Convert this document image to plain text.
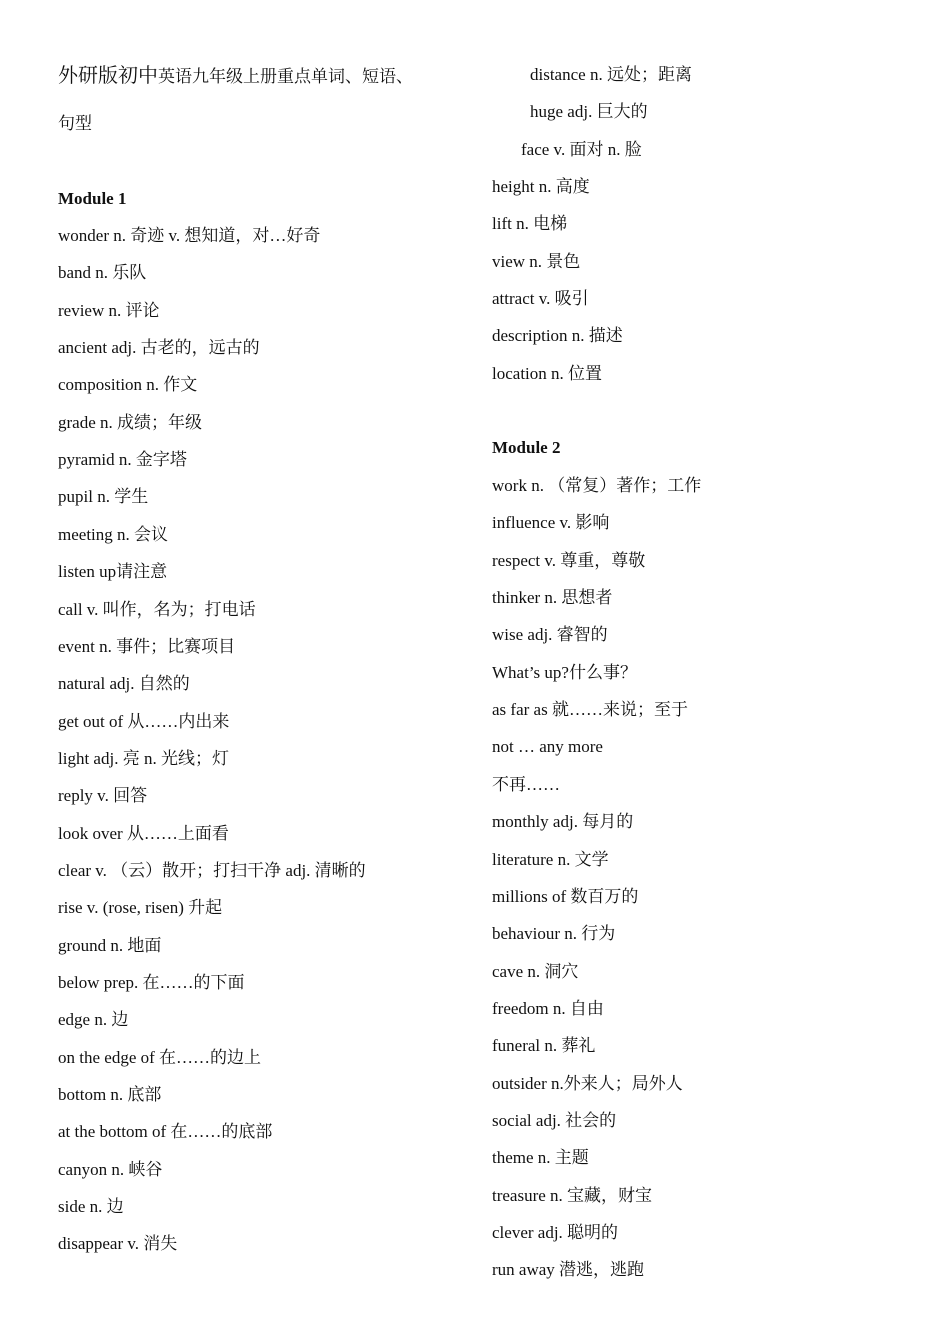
外研版初中英语九年级上册重点单词、短语、
句型
Module 1
wonder n. 奇迹 v. 想知道，对…好奇
band n. 乐队
review n. 评论
ancient adj. 古老的，远古的
composition n. 作文
grade n. 成绩；年级
pyramid n. 金字塔
pupil n. 学生
meeting n. 会议
listen up请注意
call v. 叫作，名为；打电话
event n. 事件；比赛项目
natural adj. 自然的
get out of 从……内出来
light adj. 亮 n. 光线；灯
reply v. 回答
look over 从……上面看
clear v. （云）散开；打扫干净 adj. 清晰的
rise v. (rose, risen) 升起
ground n. 地面
below prep. 在……的下面
edge n. 边
on the edge of 在……的边上
bottom n. 底部
at the bottom of 在……的底部
canyon n. 峡谷
side n. 边
disappear v. 消失
distance n. 远处；距离
huge adj. 巨大的
face v. 面对 n. 脸
height n. 高度
lift n. 电梯
view n. 景色
attract v. 吸引
description n. 描述
location n. 位置
Module 2
work n. （常复）著作；工作
influence v. 影响
respect v. 尊重，尊敬
thinker n. 思想者
wise adj. 睿智的
What’s up?什么事？
as far as 就……来说；至于
not … any more
不再……
monthly adj. 每月的
literature n. 文学
millions of 数百万的
behaviour n. 行为
cave n. 洞穴
freedom n. 自由
funeral n. 葬礼
outsider n.外来人；局外人
social adj. 社会的
theme n. 主题
treasure n. 宝藏，财宝
clever adj. 聪明的
run away 潜逃，逃跑
